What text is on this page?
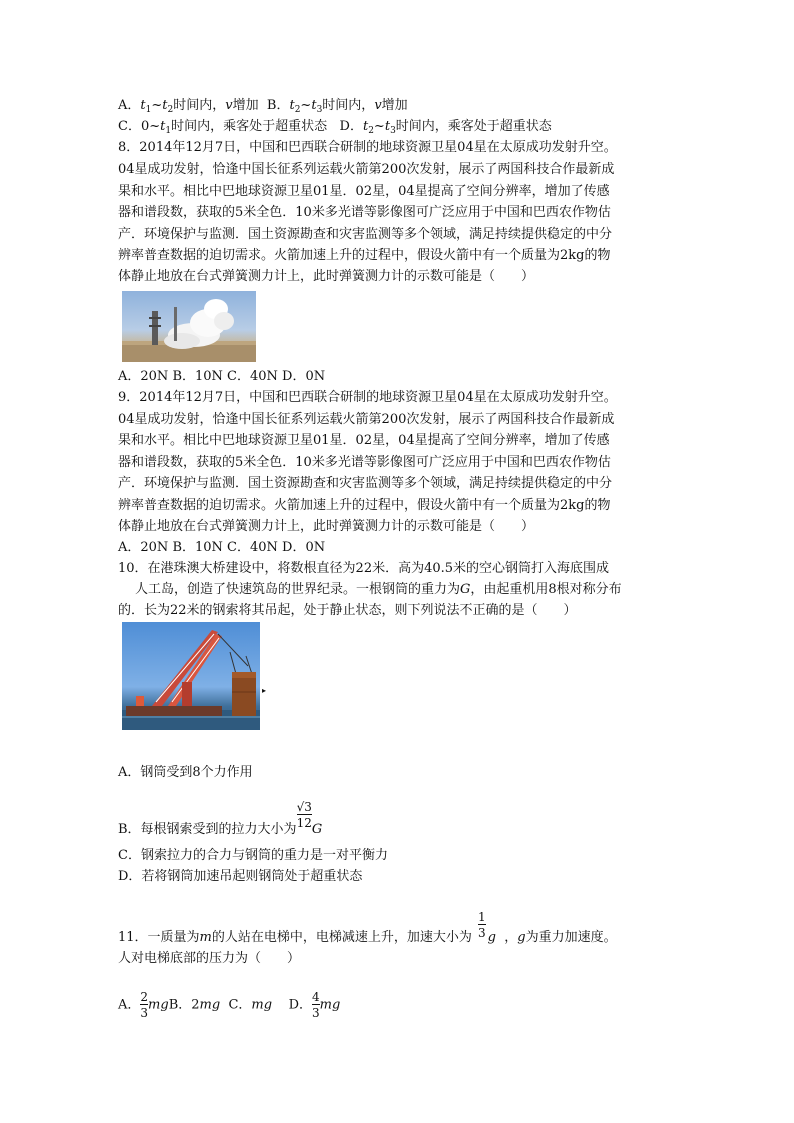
A．$t_1\sim t_2$时间内，v增加 B．$t_2\sim t_3$时间内，v增加
C．$0\sim t_1$时间内，乘客处于超重状态 D．$t_2\sim t_3$时间内，乘客处于超重状态
8．2014年12月7日，中国和巴西联合研制的地球资源卫星04星在太原成功发射升空。
04星成功发射，恰逢中国长征系列运载火箭第200次发射，展示了两国科技合作最新成
果和水平。相比中巴地球资源卫星01星．02星，04星提高了空间分辨率，增加了传感
器和谱段数，获取的5米全色．10米多光谱等影像图可广泛应用于中国和巴西农作物估
产．环境保护与监测．国土资源勘查和灾害监测等多个领域，满足持续提供稳定的中分
辨率普查数据的迫切需求。火箭加速上升的过程中，假设火箭中有一个质量为2kg的物
体静止地放在台式弹簧测力计上，此时弹簧测力计的示数可能是（　　）
A．20N B．10N C．40N D．0N
9．2014年12月7日，中国和巴西联合研制的地球资源卫星04星在太原成功发射升空。
04星成功发射，恰逢中国长征系列运载火箭第200次发射，展示了两国科技合作最新成
果和水平。相比中巴地球资源卫星01星．02星，04星提高了空间分辨率，增加了传感
器和谱段数，获取的5米全色．10米多光谱等影像图可广泛应用于中国和巴西农作物估
产．环境保护与监测．国土资源勘查和灾害监测等多个领域，满足持续提供稳定的中分
辨率普查数据的迫切需求。火箭加速上升的过程中，假设火箭中有一个质量为2kg的物
体静止地放在台式弹簧测力计上，此时弹簧测力计的示数可能是（　　）
A．20N B．10N C．40N D．0N
10．在港珠澳大桥建设中，将数根直径为22米．高为40.5米的空心钢筒打入海底围成
人工岛，创造了快速筑岛的世界纪录。一根钢筒的重力为G，由起重机用8根对称分布
的．长为22米的钢索将其吊起，处于静止状态，则下列说法不正确的是（　　）
▸
A．钢筒受到8个力作用
B．每根钢索受到的拉力大小为 $\frac{√3}{12}$ G
C．钢索拉力的合力与钢筒的重力是一对平衡力
D．若将钢筒加速吊起则钢筒处于超重状态
11．一质量为m的人站在电梯中，电梯减速上升，加速大小为 $\frac{1}{3}$ g ，g为重力加速度。
人对电梯底部的压力为（　　）
A． $\frac{2}{3}$ mgB．2mg C．mg D． $\frac{4}{3}$ mg
